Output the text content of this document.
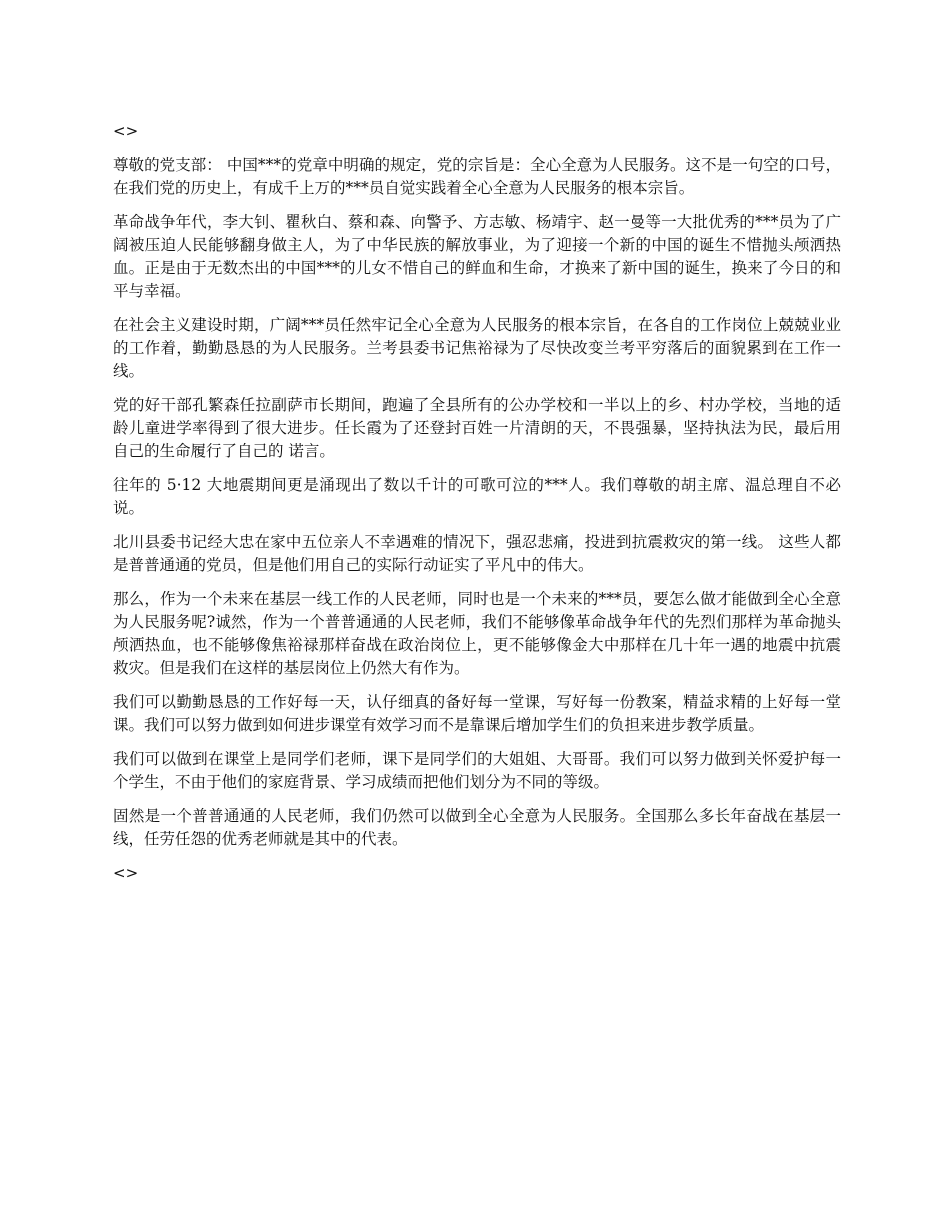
<>

尊敬的党支部： 中国***的党章中明确的规定，党的宗旨是：全心全意为人民服务。这不是一句空的口号，在我们党的历史上，有成千上万的***员自觉实践着全心全意为人民服务的根本宗旨。

革命战争年代，李大钊、瞿秋白、蔡和森、向警予、方志敏、杨靖宇、赵一曼等一大批优秀的***员为了广阔被压迫人民能够翻身做主人，为了中华民族的解放事业，为了迎接一个新的中国的诞生不惜抛头颅洒热血。正是由于无数杰出的中国***的儿女不惜自己的鲜血和生命，才换来了新中国的诞生，换来了今日的和平与幸福。

在社会主义建设时期，广阔***员任然牢记全心全意为人民服务的根本宗旨，在各自的工作岗位上兢兢业业的工作着，勤勤恳恳的为人民服务。兰考县委书记焦裕禄为了尽快改变兰考平穷落后的面貌累到在工作一线。

党的好干部孔繁森任拉副萨市长期间，跑遍了全县所有的公办学校和一半以上的乡、村办学校，当地的适龄儿童进学率得到了很大进步。任长霞为了还登封百姓一片清朗的天，不畏强暴，坚持执法为民，最后用自己的生命履行了自己的 诺言。

往年的 5·12 大地震期间更是涌现出了数以千计的可歌可泣的***人。我们尊敬的胡主席、温总理自不必说。

北川县委书记经大忠在家中五位亲人不幸遇难的情况下，强忍悲痛，投进到抗震救灾的第一线。 这些人都是普普通通的党员，但是他们用自己的实际行动证实了平凡中的伟大。

那么，作为一个未来在基层一线工作的人民老师，同时也是一个未来的***员，要怎么做才能做到全心全意为人民服务呢?诚然，作为一个普普通通的人民老师，我们不能够像革命战争年代的先烈们那样为革命抛头颅洒热血，也不能够像焦裕禄那样奋战在政治岗位上，更不能够像金大中那样在几十年一遇的地震中抗震救灾。但是我们在这样的基层岗位上仍然大有作为。

我们可以勤勤恳恳的工作好每一天，认仔细真的备好每一堂课，写好每一份教案，精益求精的上好每一堂课。我们可以努力做到如何进步课堂有效学习而不是靠课后增加学生们的负担来进步教学质量。

我们可以做到在课堂上是同学们老师，课下是同学们的大姐姐、大哥哥。我们可以努力做到关怀爱护每一个学生，不由于他们的家庭背景、学习成绩而把他们划分为不同的等级。

固然是一个普普通通的人民老师，我们仍然可以做到全心全意为人民服务。全国那么多长年奋战在基层一线，任劳任怨的优秀老师就是其中的代表。

<>
